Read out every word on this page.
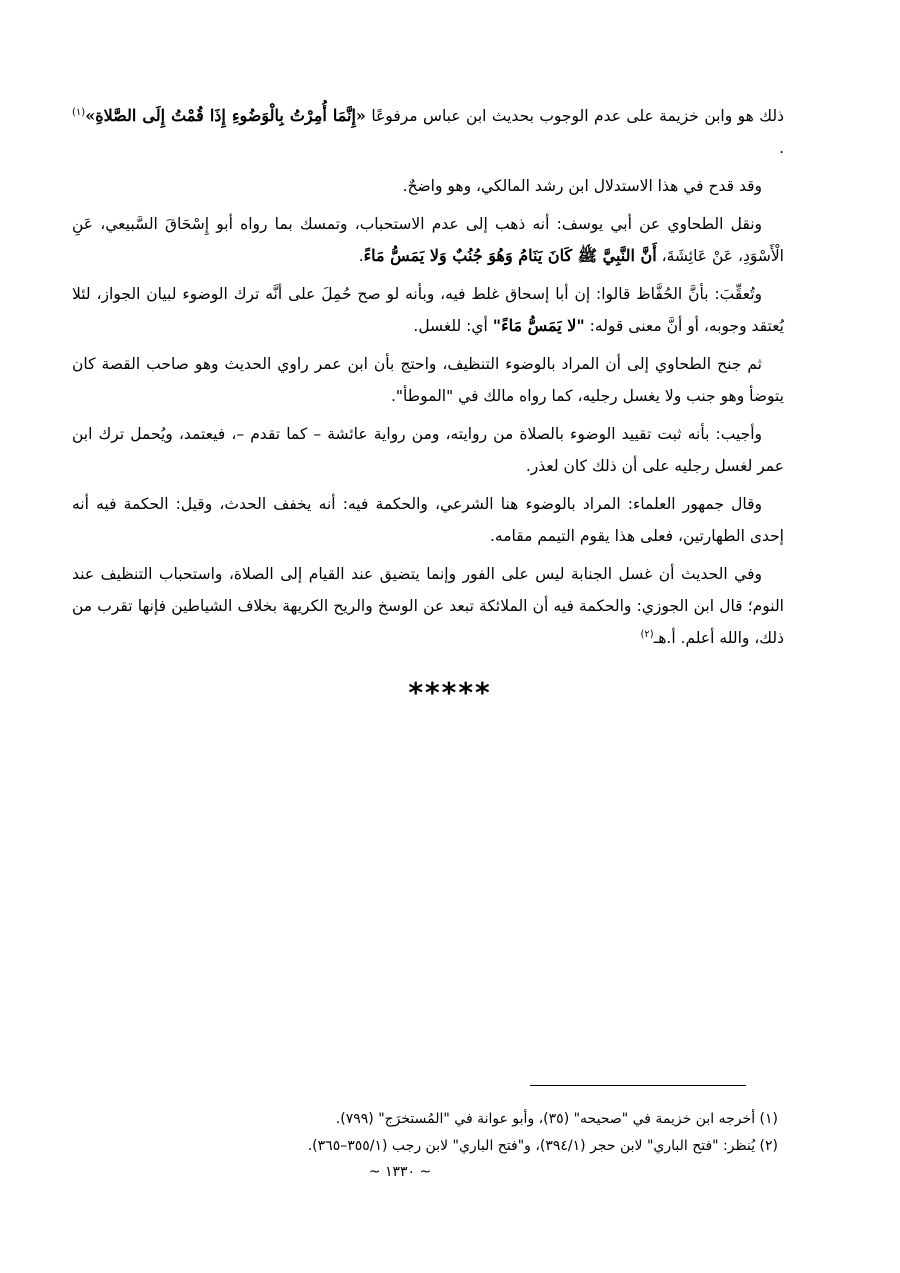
ذلك هو وابن خزيمة على عدم الوجوب بحديث ابن عباس مرفوعًا «إِنَّمَا أُمِرْتُ بِالْوَضُوءِ إِذَا قُمْتُ إِلَى الصَّلاةِ»$^{(١)}$ .

وقد قدح في هذا الاستدلال ابن رشد المالكي، وهو واضحٌ.

ونقل الطحاوي عن أبي يوسف: أنه ذهب إلى عدم الاستحباب، وتمسك بما رواه أبو إِسْحَاقَ السَّبيعي، عَنِ الْأَسْوَدِ، عَنْ عَائِشَةَ، أَنَّ النَّبِيَّ ﷺ كَانَ يَنَامُ وَهُوَ جُنُبٌ وَلا يَمَسُّ مَاءً.

وتُعقِّبَ: بأنَّ الحُفَّاظ قالوا: إن أبا إسحاق غلط فيه، وبأنه لو صح حُمِلَ على أنَّه ترك الوضوء لبيان الجواز، لئلا يُعتقد وجوبه، أو أنَّ معنى قوله: "لا يَمَسُّ مَاءً" أي: للغسل.

ثم جنح الطحاوي إلى أن المراد بالوضوء التنظيف، واحتج بأن ابن عمر راوي الحديث وهو صاحب القصة كان يتوضأ وهو جنب ولا يغسل رجليه، كما رواه مالك في "الموطأ".

وأجيب: بأنه ثبت تقييد الوضوء بالصلاة من روايته، ومن رواية عائشة – كما تقدم –، فيعتمد، ويُحمل ترك ابن عمر لغسل رجليه على أن ذلك كان لعذر.

وقال جمهور العلماء: المراد بالوضوء هنا الشرعي، والحكمة فيه: أنه يخفف الحدث، وقيل: الحكمة فيه أنه إحدى الطهارتين، فعلى هذا يقوم التيمم مقامه.

وفي الحديث أن غسل الجنابة ليس على الفور وإنما يتضيق عند القيام إلى الصلاة، واستحباب التنظيف عند النوم؛ قال ابن الجوزي: والحكمة فيه أن الملائكة تبعد عن الوسخ والريح الكريهة بخلاف الشياطين فإنها تقرب من ذلك، والله أعلم. أ.هـ$^{(٢)}$

*****

(١) أخرجه ابن خزيمة في "صحيحه" (٣٥)، وأبو عوانة في "المُستخرَج" (٧٩٩).

(٢) يُنظر: "فتح الباري" لابن حجر (٣٩٤/١)، و"فتح الباري" لابن رجب (٣٥٥/١–٣٦٥).

~ ١٣٣٠ ~
